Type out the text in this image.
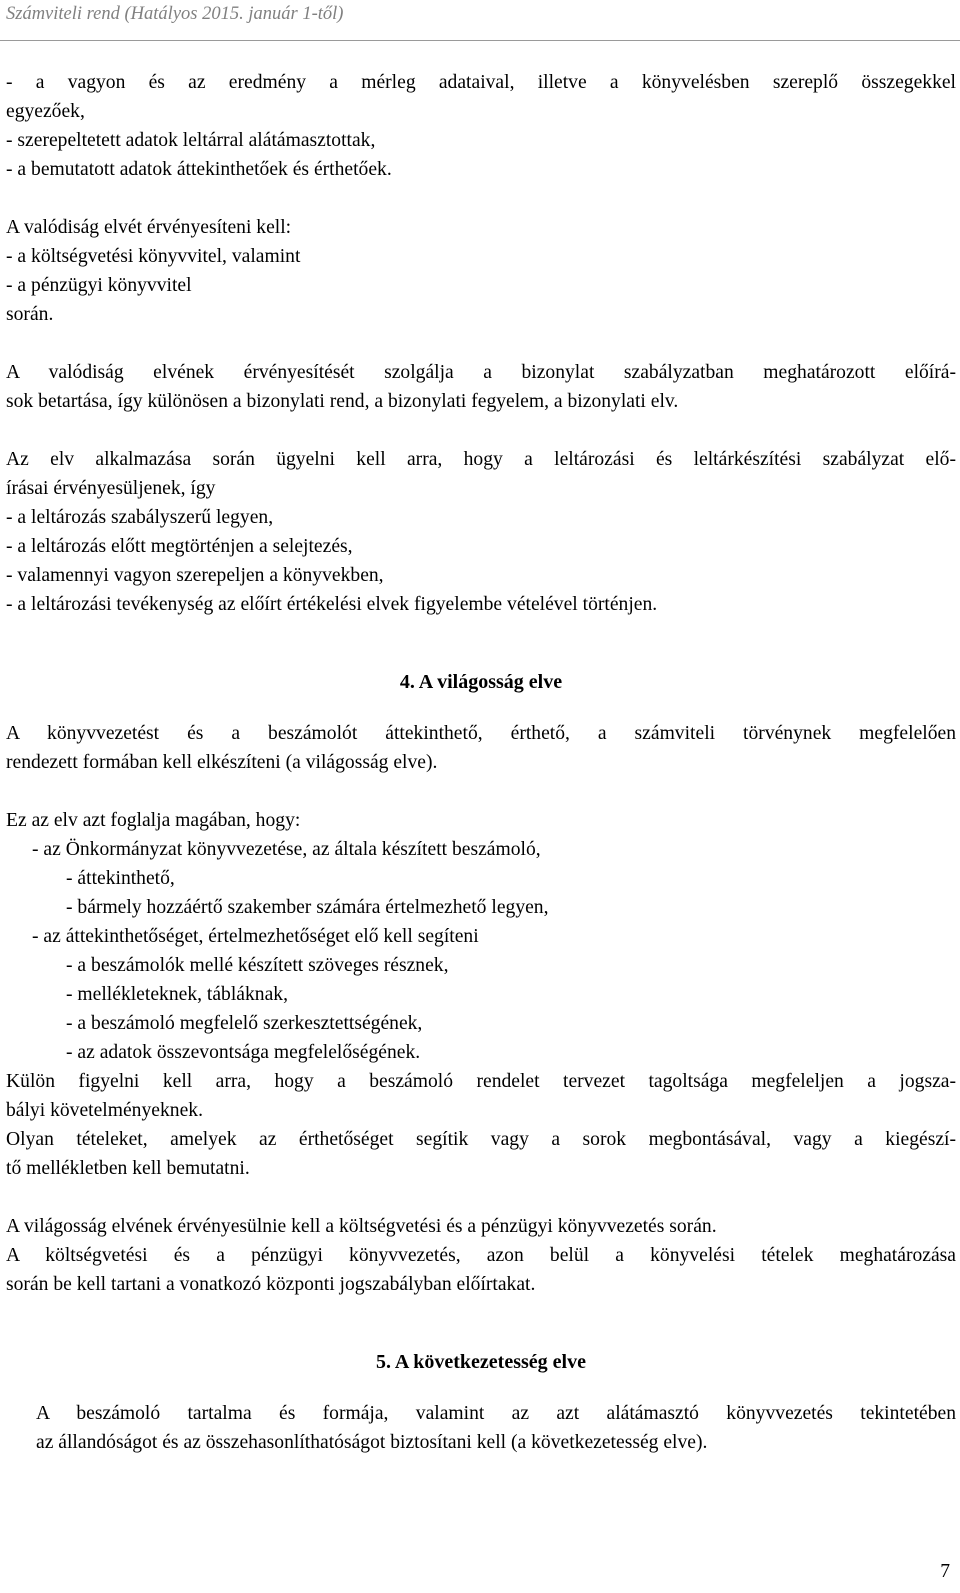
Számviteli rend (Hatályos 2015. január 1-től)

- a vagyon és az eredmény a mérleg adataival, illetve a könyvelésben szereplő összegekkel

egyezőek,

- szerepeltetett adatok leltárral alátámasztottak,

- a bemutatott adatok áttekinthetőek és érthetőek.

A valódiság elvét érvényesíteni kell:

- a költségvetési könyvvitel, valamint

- a pénzügyi könyvvitel

során.

A valódiság elvének érvényesítését szolgálja a bizonylat szabályzatban meghatározott előírá-

sok betartása, így különösen a bizonylati rend, a bizonylati fegyelem, a bizonylati elv.

Az elv alkalmazása során ügyelni kell arra, hogy a leltározási és leltárkészítési szabályzat elő-

írásai érvényesüljenek, így

- a leltározás szabályszerű legyen,

- a leltározás előtt megtörténjen a selejtezés,

- valamennyi vagyon szerepeljen a könyvekben,

- a leltározási tevékenység az előírt értékelési elvek figyelembe vételével történjen.

4. A világosság elve

A könyvvezetést és a beszámolót áttekinthető, érthető, a számviteli törvénynek megfelelően

rendezett formában kell elkészíteni (a világosság elve).

Ez az elv azt foglalja magában, hogy:

- az Önkormányzat könyvvezetése, az általa készített beszámoló,

- áttekinthető,

- bármely hozzáértő szakember számára értelmezhető legyen,

- az áttekinthetőséget, értelmezhetőséget elő kell segíteni

- a beszámolók mellé készített szöveges résznek,

- mellékleteknek, tábláknak,

- a beszámoló megfelelő szerkesztettségének,

- az adatok összevontsága megfelelőségének.

Külön figyelni kell arra, hogy a beszámoló rendelet tervezet tagoltsága megfeleljen a jogsza-

bályi követelményeknek.

Olyan tételeket, amelyek az érthetőséget segítik vagy a sorok megbontásával, vagy a kiegészí-

tő mellékletben kell bemutatni.

A világosság elvének érvényesülnie kell a költségvetési és a pénzügyi könyvvezetés során.

A költségvetési és a pénzügyi könyvvezetés, azon belül a könyvelési tételek meghatározása

során be kell tartani a vonatkozó központi jogszabályban előírtakat.

5. A következetesség elve

A beszámoló tartalma és formája, valamint az azt alátámasztó könyvvezetés tekintetében

az állandóságot és az összehasonlíthatóságot biztosítani kell (a következetesség elve).

7
